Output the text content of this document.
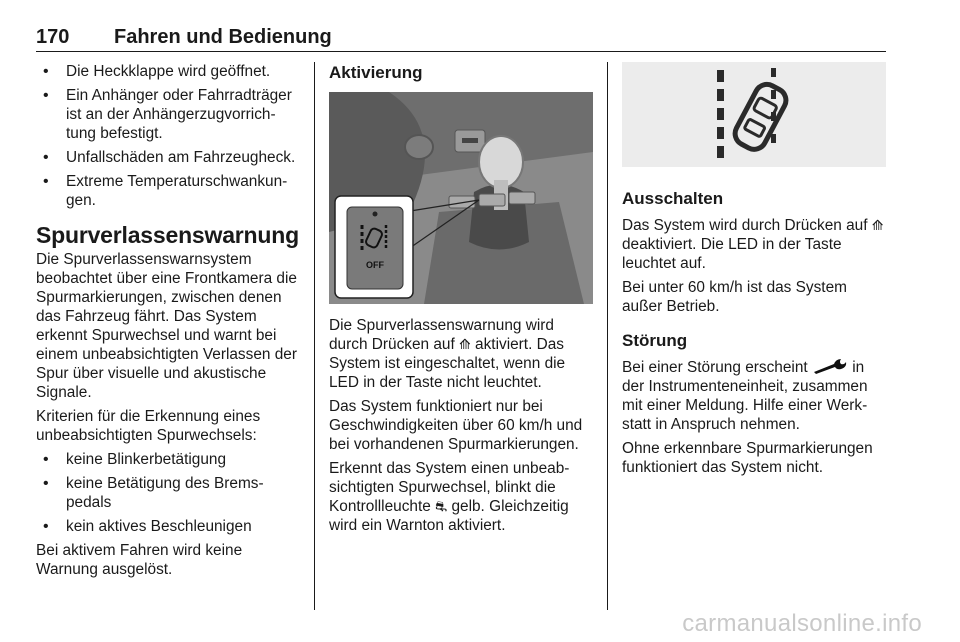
170 Fahren und Bedienung
• Die Heckklappe wird geöffnet.
• Ein Anhänger oder Fahrradträger ist an der Anhängerzugvorrichtung befestigt.
• Unfallschäden am Fahrzeugheck.
• Extreme Temperaturschwankungen.
Spurverlassenswarnung

Die Spurverlassenswarnsystem beobachtet über eine Frontkamera die Spurmarkierungen, zwischen denen das Fahrzeug fährt. Das System erkennt Spurwechsel und warnt bei einem unbeabsichtigten Verlassen der Spur über visuelle und akustische Signale.

Kriterien für die Erkennung eines unbeabsichtigten Spurwechsels:

• keine Blinkerbetätigung
• keine Betätigung des Bremspedals
• kein aktives Beschleunigen

Bei aktivem Fahren wird keine Warnung ausgelöst.

Aktivierung
OFF

Die Spurverlassenswarnung wird durch Drücken auf ⟰ aktiviert. Das System ist eingeschaltet, wenn die LED in der Taste nicht leuchtet.

Das System funktioniert nur bei Geschwindigkeiten über 60 km/h und bei vorhandenen Spurmarkierungen.

Erkennt das System einen unbeabsichtigten Spurwechsel, blinkt die Kontrollleuchte ⛐ gelb. Gleichzeitig wird ein Warnton aktiviert.

Ausschalten

Das System wird durch Drücken auf ⟰ deaktiviert. Die LED in der Taste leuchtet auf.

Bei unter 60 km/h ist das System außer Betrieb.

Störung

Bei einer Störung erscheint  in der Instrumenteneinheit, zusammen mit einer Meldung. Hilfe einer Werkstatt in Anspruch nehmen.

Ohne erkennbare Spurmarkierungen funktioniert das System nicht.

carmanualsonline.info
